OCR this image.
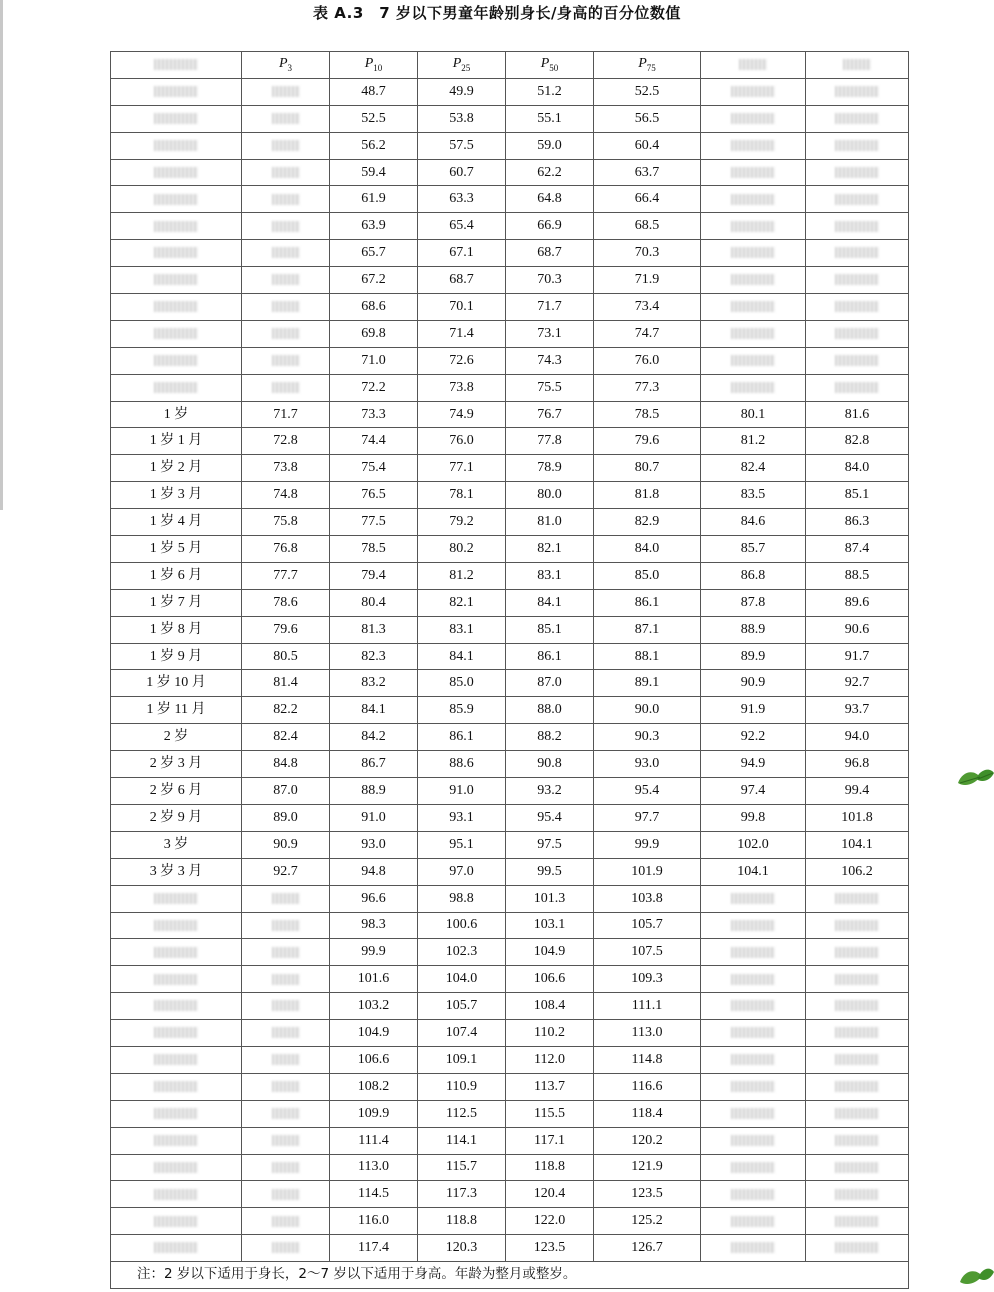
表 A.3　7 岁以下男童年龄别身长/身高的百分位数值
	$P_3$	$P_{10}$	$P_{25}$	$P_{50}$	$P_{75}$		
		48.7	49.9	51.2	52.5		
		52.5	53.8	55.1	56.5		
		56.2	57.5	59.0	60.4		
		59.4	60.7	62.2	63.7		
		61.9	63.3	64.8	66.4		
		63.9	65.4	66.9	68.5		
		65.7	67.1	68.7	70.3		
		67.2	68.7	70.3	71.9		
		68.6	70.1	71.7	73.4		
		69.8	71.4	73.1	74.7		
		71.0	72.6	74.3	76.0		
		72.2	73.8	75.5	77.3		
1 岁	71.7	73.3	74.9	76.7	78.5	80.1	81.6
1 岁 1 月	72.8	74.4	76.0	77.8	79.6	81.2	82.8
1 岁 2 月	73.8	75.4	77.1	78.9	80.7	82.4	84.0
1 岁 3 月	74.8	76.5	78.1	80.0	81.8	83.5	85.1
1 岁 4 月	75.8	77.5	79.2	81.0	82.9	84.6	86.3
1 岁 5 月	76.8	78.5	80.2	82.1	84.0	85.7	87.4
1 岁 6 月	77.7	79.4	81.2	83.1	85.0	86.8	88.5
1 岁 7 月	78.6	80.4	82.1	84.1	86.1	87.8	89.6
1 岁 8 月	79.6	81.3	83.1	85.1	87.1	88.9	90.6
1 岁 9 月	80.5	82.3	84.1	86.1	88.1	89.9	91.7
1 岁 10 月	81.4	83.2	85.0	87.0	89.1	90.9	92.7
1 岁 11 月	82.2	84.1	85.9	88.0	90.0	91.9	93.7
2 岁	82.4	84.2	86.1	88.2	90.3	92.2	94.0
2 岁 3 月	84.8	86.7	88.6	90.8	93.0	94.9	96.8
2 岁 6 月	87.0	88.9	91.0	93.2	95.4	97.4	99.4
2 岁 9 月	89.0	91.0	93.1	95.4	97.7	99.8	101.8
3 岁	90.9	93.0	95.1	97.5	99.9	102.0	104.1
3 岁 3 月	92.7	94.8	97.0	99.5	101.9	104.1	106.2
		96.6	98.8	101.3	103.8		
		98.3	100.6	103.1	105.7		
		99.9	102.3	104.9	107.5		
		101.6	104.0	106.6	109.3		
		103.2	105.7	108.4	111.1		
		104.9	107.4	110.2	113.0		
		106.6	109.1	112.0	114.8		
		108.2	110.9	113.7	116.6		
		109.9	112.5	115.5	118.4		
		111.4	114.1	117.1	120.2		
		113.0	115.7	118.8	121.9		
		114.5	117.3	120.4	123.5		
		116.0	118.8	122.0	125.2		
		117.4	120.3	123.5	126.7		
注：2 岁以下适用于身长，2～7 岁以下适用于身高。年龄为整月或整岁。							
